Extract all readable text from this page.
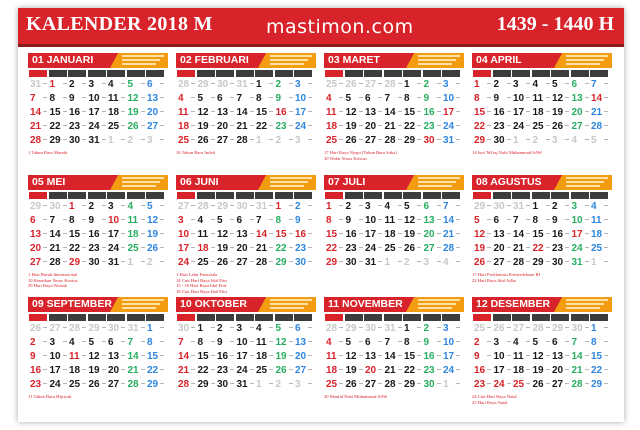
KALENDER 2018 M	mastimon.com	1439 - 1440 H
01 JANUARI
31 1	2	3	4	5	6
7	8	9	10 11 12 13
14 15 16 17 18 19 20
21 22 23 24 25 26 27
28 29 30 31 1	2	3
1 Tahun Baru Masehi
02 FEBRUARI
28 29 30 31 1	2	3
4	5	6	7	8	9	10
11 12 13 14 15 16 17
18 19 20 21 22 23 24
25 26 27 28 1	2	3
16 Tahun Baru Imlek
03 MARET
25 26 27 28 1	2	3
4	5	6	7	8	9	10
11 12 13 14 15 16 17
18 19 20 21 22 23 24
25 26 27 28 29 30 31
17 Hari Raya Nyepi (Tahun Baru Saka)
30 Wafat Yesus Kristus
04 APRIL
1	2	3	4	5	6	7
8	9	10 11 12 13 14
15 16 17 18 19 20 21
22 23 24 25 26 27 28
29 30 1	2	3	4	5
14 Isra' Mi'raj Nabi Muhammad SAW
05 MEI
29 30 1	2	3	4	5
6	7	8	9	10 11 12
13 14 15 16 17 18 19
20 21 22 23 24 25 26
27 28 29 30 31 1	2
1 Hari Buruh Internasional
10 Kenaikan Yesus Kristus
29 Hari Raya Waisak
06 JUNI
27 28 29 30 31 1	2
3	4	5	6	7	8	9
10 11 12 13 14 15 16
17 18 19 20 21 22 23
24 25 26 27 28 29 30
1 Hari Lahir Pancasila
14 Cuti Hari Raya Idul Fitri
15 - 16 Hari Raya Idul Fitri
18 Cuti Hari Raya Idul Fitri
07 JULI
1	2	3	4	5	6	7
8	9	10 11 12 13 14
15 16 17 18 19 20 21
22 23 24 25 26 27 28
29 30 31 1	2	3	4
08 AGUSTUS
29 30 31 1	2	3	4
5	6	7	8	9	10 11
12 13 14 15 16 17 18
19 20 21 22 23 24 25
26 27 28 29 30 31 1
17 Hari Proklamasi Kemerdekaan RI
22 Hari Raya Idul Adha
09 SEPTEMBER
26 27 28 29 30 31 1
2	3	4	5	6	7	8
9	10 11 12 13 14 15
16 17 18 19 20 21 22
23 24 25 26 27 28 29
11 Tahun Baru Hijriyah
10 OKTOBER
30 1	2	3	4	5	6
7	8	9	10 11 12 13
14 15 16 17 18 19 20
21 22 23 24 25 26 27
28 29 30 31 1	2	3
11 NOVEMBER
28 29 30 31 1	2	3
4	5	6	7	8	9	10
11 12 13 14 15 16 17
18 19 20 21 22 23 24
25 26 27 28 29 30 1
20 Maulid Nabi Muhammad SAW
12 DESEMBER
25 26 27 28 29 30 1
2	3	4	5	6	7	8
9	10 11 12 13 14 15
16 17 18 19 20 21 22
23 24 25 26 27 28 29
24 Cuti Hari Raya Natal
25 Hari Raya Natal
